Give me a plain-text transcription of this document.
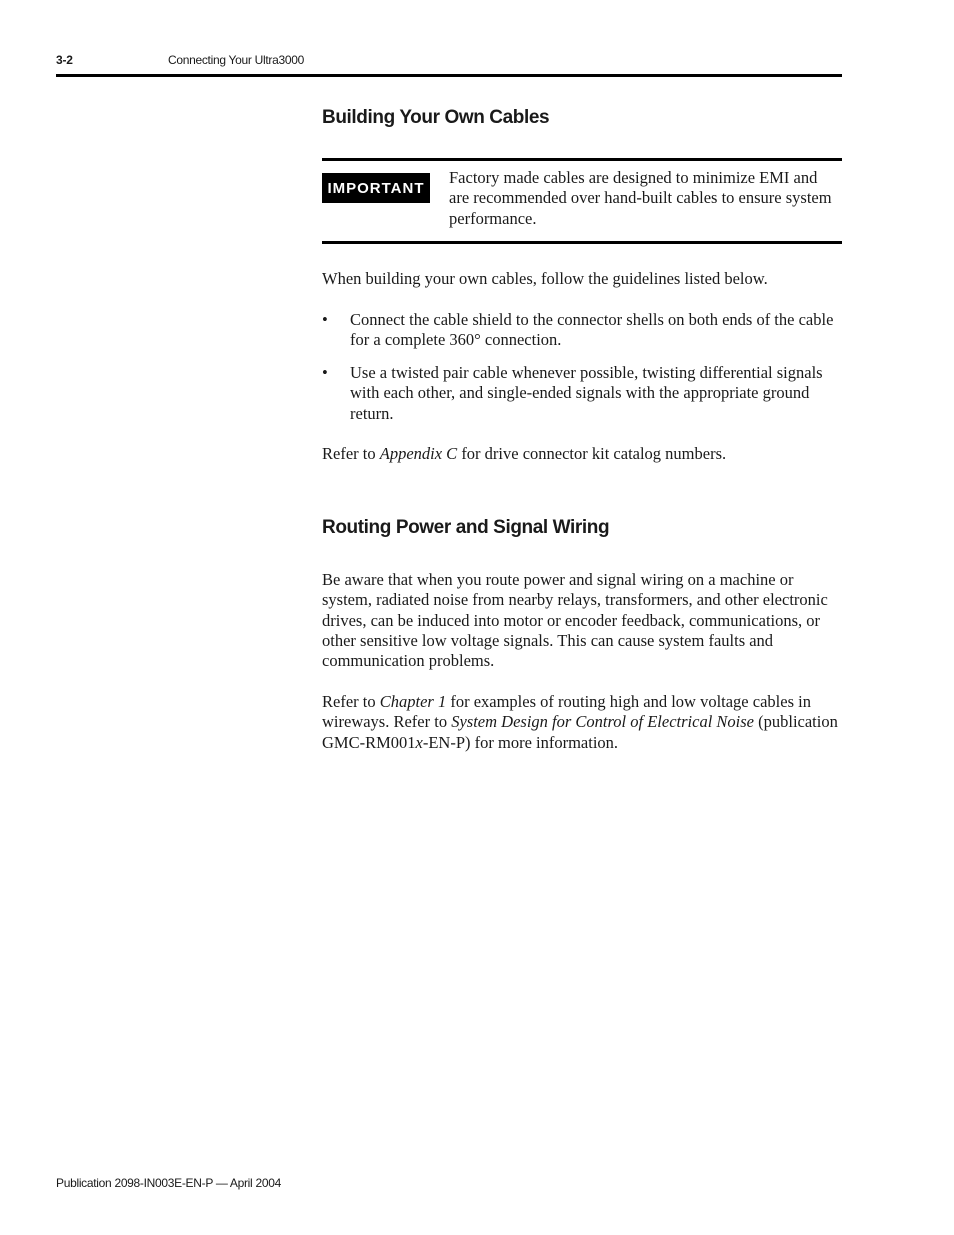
3-2	Connecting Your Ultra3000
Building Your Own Cables
IMPORTANT
Factory made cables are designed to minimize EMI and are recommended over hand-built cables to ensure system performance.
When building your own cables, follow the guidelines listed below.
•	Connect the cable shield to the connector shells on both ends of the cable for a complete 360° connection.
•	Use a twisted pair cable whenever possible, twisting differential signals with each other, and single-ended signals with the appropriate ground return.
Refer to Appendix C for drive connector kit catalog numbers.
Routing Power and Signal Wiring
Be aware that when you route power and signal wiring on a machine or system, radiated noise from nearby relays, transformers, and other electronic drives, can be induced into motor or encoder feedback, communications, or other sensitive low voltage signals. This can cause system faults and communication problems.
Refer to Chapter 1 for examples of routing high and low voltage cables in wireways. Refer to System Design for Control of Electrical Noise (publication GMC-RM001x-EN-P) for more information.
Publication 2098-IN003E-EN-P — April 2004
